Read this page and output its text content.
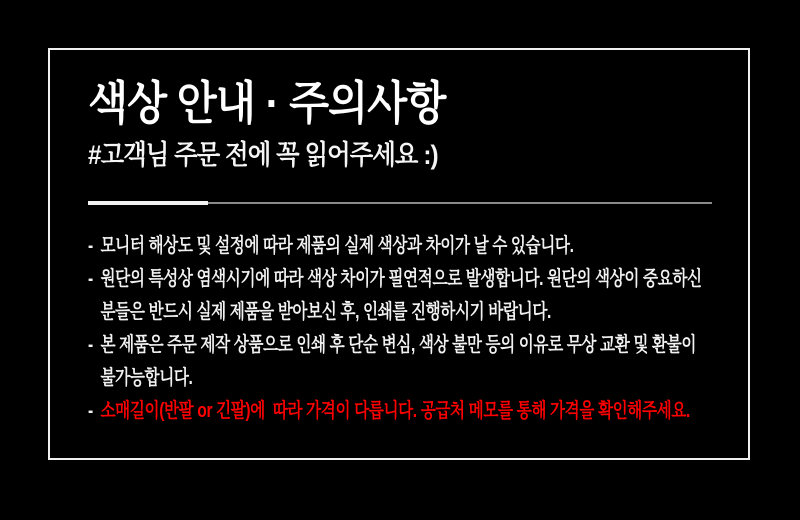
색상 안내 · 주의사항
#고객님 주문 전에 꼭 읽어주세요 :)
- 모니터 해상도 및 설정에 따라 제품의 실제 색상과 차이가 날 수 있습니다.
- 원단의 특성상 염색시기에 따라 색상 차이가 필연적으로 발생합니다. 원단의 색상이 중요하신
분들은 반드시 실제 제품을 받아보신 후, 인쇄를 진행하시기 바랍니다.
- 본 제품은 주문 제작 상품으로 인쇄 후 단순 변심, 색상 불만 등의 이유로 무상 교환 및 환불이
불가능합니다.
- 소매길이(반팔 or 긴팔)에  따라 가격이 다릅니다. 공급처 메모를 통해 가격을 확인해주세요.
